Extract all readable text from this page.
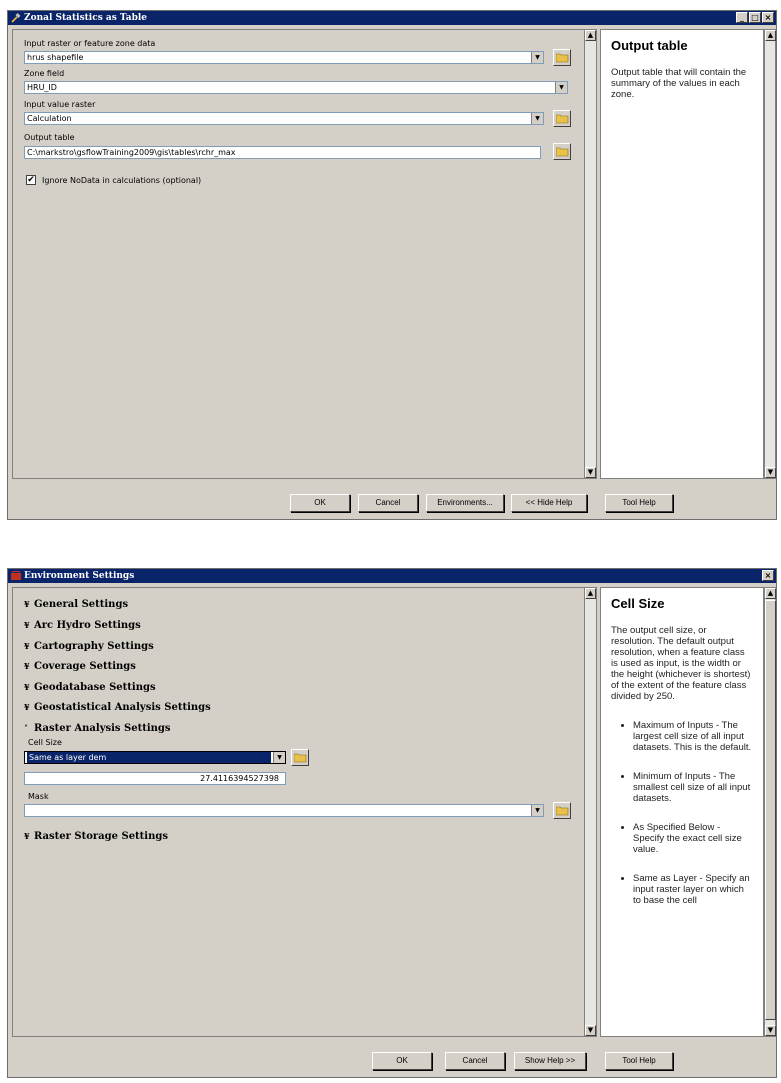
Zonal Statistics as Table	_ □ ×
▲
▼
Input raster or feature zone data
hrus shapefile	▼
Zone field
HRU_ID	▼
Input value raster
Calculation	▼
Output table
C:\markstro\gsflowTraining2009\gis\tables\rchr_max
✔ Ignore NoData in calculations (optional)
Output table
Output table that will contain the summary of the values in each zone.
▲
▼
OK	Cancel	Environments...	<< Hide Help	Tool Help
Environment Settings	×
▲
▼
¥ General Settings
¥ Arc Hydro Settings
¥ Cartography Settings
¥ Coverage Settings
¥ Geodatabase Settings
¥ Geostatistical Analysis Settings
˄ Raster Analysis Settings
Cell Size
Same as layer dem	▼
27.4116394527398
Mask
▼
¥ Raster Storage Settings
Cell Size
The output cell size, or resolution. The default output resolution, when a feature class is used as input, is the width or the height (whichever is shortest) of the extent of the feature class divided by 250.
• Maximum of Inputs - The largest cell size of all input datasets. This is the default.
• Minimum of Inputs - The smallest cell size of all input datasets.
• As Specified Below - Specify the exact cell size value.
• Same as Layer - Specify an input raster layer on which to base the cell
▲
▼
OK	Cancel	Show Help >>	Tool Help
